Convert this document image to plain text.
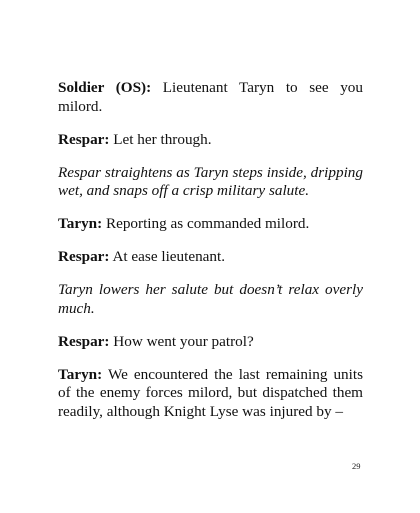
Soldier (OS): Lieutenant Taryn to see you milord.

Respar: Let her through.

Respar straightens as Taryn steps inside, dripping wet, and snaps off a crisp military salute.

Taryn: Reporting as commanded milord.

Respar: At ease lieutenant.

Taryn lowers her salute but doesn’t relax overly much.

Respar: How went your patrol?

Taryn: We encountered the last remaining units of the enemy forces milord, but dispatched them readily, although Knight Lyse was injured by –

29
